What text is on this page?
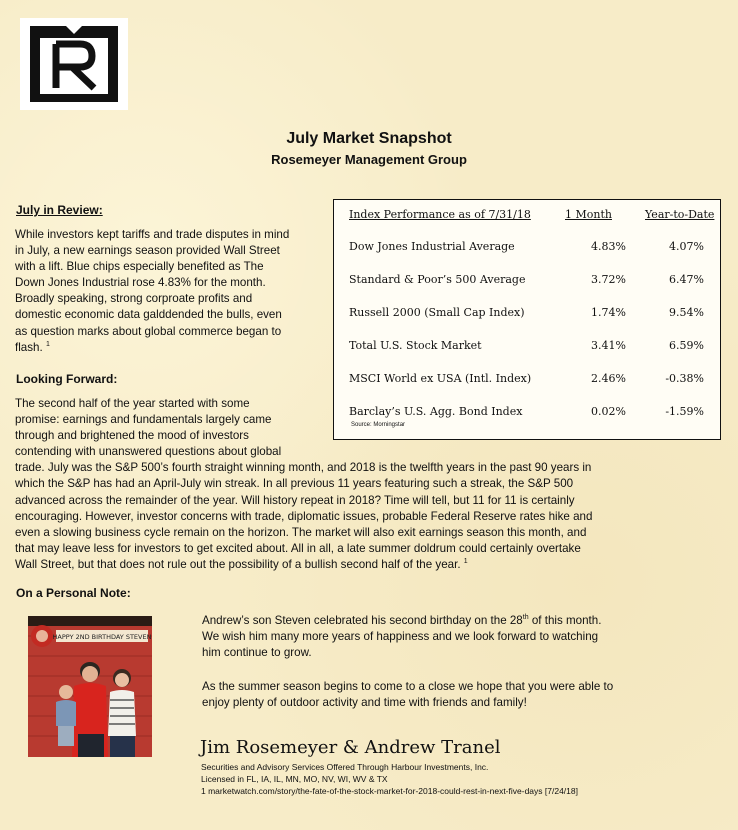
July Market Snapshot
Rosemeyer Management Group
July in Review:
While investors kept tariffs and trade disputes in mind
in July, a new earnings season provided Wall Street
with a lift. Blue chips especially benefited as The
Down Jones Industrial rose 4.83% for the month.
Broadly speaking, strong corproate profits and
domestic economic data galddended the bulls, even
as question marks about global commerce began to
flash. $^1$
Looking Forward:
The second half of the year started with some
promise: earnings and fundamentals largely came
through and brightened the mood of investors
contending with unanswered questions about global
trade. July was the S&P 500’s fourth straight winning month, and 2018 is the twelfth years in the past 90 years in
which the S&P has had an April-July win streak. In all previous 11 years featuring such a streak, the S&P 500
advanced across the remainder of the year. Will history repeat in 2018? Time will tell, but 11 for 11 is certainly
encouraging. However, investor concerns with trade, diplomatic issues, probable Federal Reserve rates hike and
even a slowing business cycle remain on the horizon. The market will also exit earnings season this month, and
that may leave less for investors to get excited about. All in all, a late summer doldrum could certainly overtake
Wall Street, but that does not rule out the possibility of a bullish second half of the year. $^1$
Index Performance as of 7/31/18	1 Month	Year-to-Date
Dow Jones Industrial Average	4.83%	4.07%
Standard & Poor’s 500 Average	3.72%	6.47%
Russell 2000 (Small Cap Index)	1.74%	9.54%
Total U.S. Stock Market	3.41%	6.59%
MSCI World ex USA (Intl. Index)	2.46%	-0.38%
Barclay’s U.S. Agg. Bond Index	0.02%	-1.59%
Source: Morningstar
On a Personal Note:
HAPPY 2ND BIRTHDAY STEVEN
Andrew’s son Steven celebrated his second birthday on the 28th of this month.
We wish him many more years of happiness and we look forward to watching
him continue to grow.
As the summer season begins to come to a close we hope that you were able to
enjoy plenty of outdoor activity and time with friends and family!
Jim Rosemeyer & Andrew Tranel
Securities and Advisory Services Offered Through Harbour Investments, Inc.
Licensed in FL, IA, IL, MN, MO, NV, WI, WV & TX
1 marketwatch.com/story/the-fate-of-the-stock-market-for-2018-could-rest-in-next-five-days [7/24/18]
